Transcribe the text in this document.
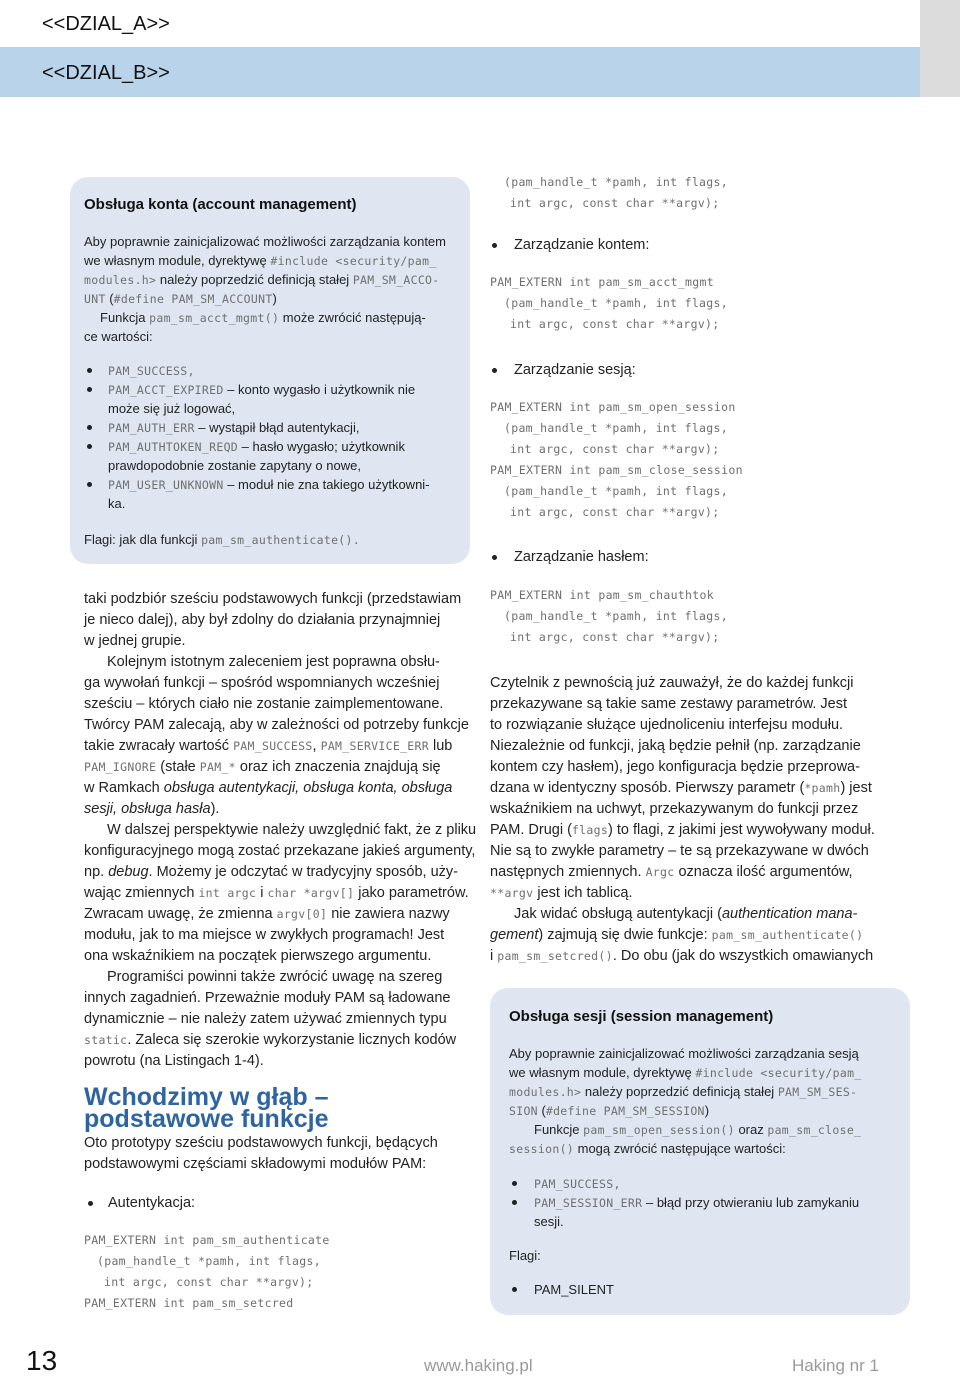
<<DZIAL_A>>
<<DZIAL_B>>
Obsługa konta (account management)
Aby poprawnie zainicjalizować możliwości zarządzania kontem
we własnym module, dyrektywę #include <security/pam_
modules.h> należy poprzedzić definicją stałej PAM_SM_ACCO-
UNT (#define PAM_SM_ACCOUNT)
Funkcja pam_sm_acct_mgmt() może zwrócić następują-
ce wartości:
PAM_SUCCESS,
PAM_ACCT_EXPIRED – konto wygasło i użytkownik nie
może się już logować,
PAM_AUTH_ERR – wystąpił błąd autentykacji,
PAM_AUTHTOKEN_REQD – hasło wygasło; użytkownik
prawdopodobnie zostanie zapytany o nowe,
PAM_USER_UNKNOWN – moduł nie zna takiego użytkowni-
ka.
Flagi: jak dla funkcji pam_sm_authenticate().
taki podzbiór sześciu podstawowych funkcji (przedstawiam
je nieco dalej), aby był zdolny do działania przynajmniej
w jednej grupie.
Kolejnym istotnym zaleceniem jest poprawna obsłu-
ga wywołań funkcji – spośród wspomnianych wcześniej
sześciu – których ciało nie zostanie zaimplementowane.
Twórcy PAM zalecają, aby w zależności od potrzeby funkcje
takie zwracały wartość PAM_SUCCESS, PAM_SERVICE_ERR lub
PAM_IGNORE (stałe PAM_* oraz ich znaczenia znajdują się
w Ramkach obsługa autentykacji, obsługa konta, obsługa
sesji, obsługa hasła).
W dalszej perspektywie należy uwzględnić fakt, że z pliku
konfiguracyjnego mogą zostać przekazane jakieś argumenty,
np. debug. Możemy je odczytać w tradycyjny sposób, uży-
wając zmiennych int argc i char *argv[] jako parametrów.
Zwracam uwagę, że zmienna argv[0] nie zawiera nazwy
modułu, jak to ma miejsce w zwykłych programach! Jest
ona wskaźnikiem na początek pierwszego argumentu.
Programiści powinni także zwrócić uwagę na szereg
innych zagadnień. Przeważnie moduły PAM są ładowane
dynamicznie – nie należy zatem używać zmiennych typu
static. Zaleca się szerokie wykorzystanie licznych kodów
powrotu (na Listingach 1-4).
Wchodzimy w głąb –
podstawowe funkcje
Oto prototypy sześciu podstawowych funkcji, będących
podstawowymi częściami składowymi modułów PAM:
Autentykacja:
PAM_EXTERN int pam_sm_authenticate
(pam_handle_t *pamh, int flags,
int argc, const char **argv);
PAM_EXTERN int pam_sm_setcred
(pam_handle_t *pamh, int flags,
int argc, const char **argv);
Zarządzanie kontem:
PAM_EXTERN int pam_sm_acct_mgmt
(pam_handle_t *pamh, int flags,
int argc, const char **argv);
Zarządzanie sesją:
PAM_EXTERN int pam_sm_open_session
(pam_handle_t *pamh, int flags,
int argc, const char **argv);
PAM_EXTERN int pam_sm_close_session
(pam_handle_t *pamh, int flags,
int argc, const char **argv);
Zarządzanie hasłem:
PAM_EXTERN int pam_sm_chauthtok
(pam_handle_t *pamh, int flags,
int argc, const char **argv);
Czytelnik z pewnością już zauważył, że do każdej funkcji
przekazywane są takie same zestawy parametrów. Jest
to rozwiązanie służące ujednoliceniu interfejsu modułu.
Niezależnie od funkcji, jaką będzie pełnił (np. zarządzanie
kontem czy hasłem), jego konfiguracja będzie przeprowa-
dzana w identyczny sposób. Pierwszy parametr (*pamh) jest
wskaźnikiem na uchwyt, przekazywanym do funkcji przez
PAM. Drugi (flags) to flagi, z jakimi jest wywoływany moduł.
Nie są to zwykłe parametry – te są przekazywane w dwóch
następnych zmiennych. Argc oznacza ilość argumentów,
**argv jest ich tablicą.
Jak widać obsługą autentykacji (authentication mana-
gement) zajmują się dwie funkcje: pam_sm_authenticate()
i pam_sm_setcred(). Do obu (jak do wszystkich omawianych
Obsługa sesji (session management)
Aby poprawnie zainicjalizować możliwości zarządzania sesją
we własnym module, dyrektywę #include <security/pam_
modules.h> należy poprzedzić definicją stałej PAM_SM_SES-
SION (#define PAM_SM_SESSION)
Funkcje pam_sm_open_session() oraz pam_sm_close_
session() mogą zwrócić następujące wartości:
PAM_SUCCESS,
PAM_SESSION_ERR – błąd przy otwieraniu lub zamykaniu
sesji.
Flagi:
PAM_SILENT
13	www.haking.pl	Haking nr 1
